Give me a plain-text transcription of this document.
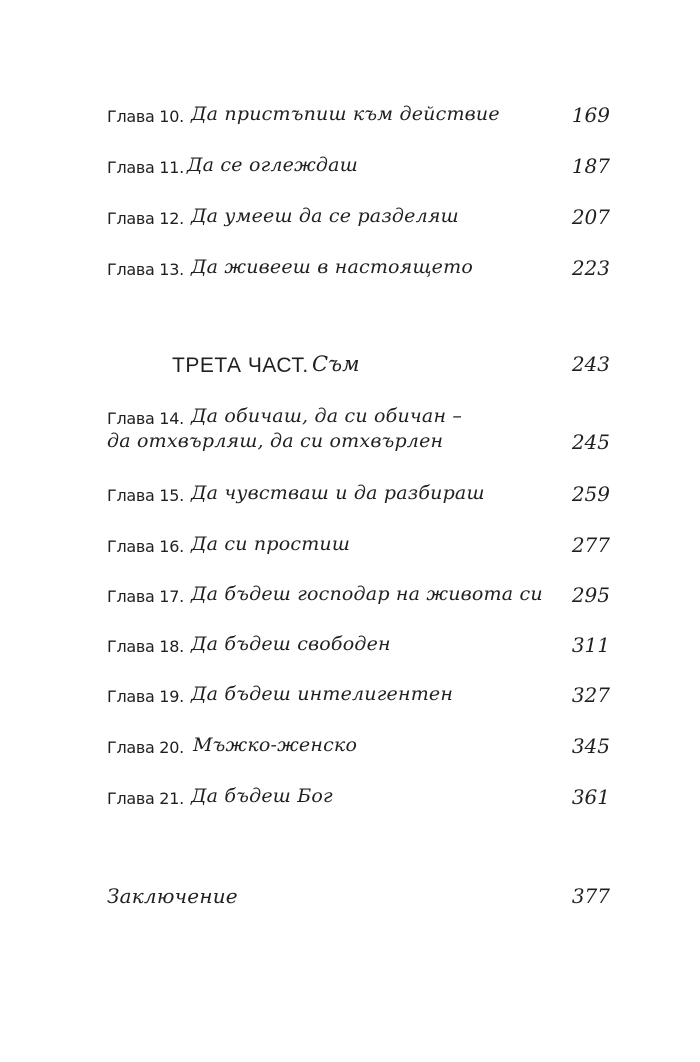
Глава 10. Да пристъпиш към действие	169
Глава 11. Да се оглеждаш	187
Глава 12. Да умееш да се разделяш	207
Глава 13. Да живееш в настоящето	223
ТРЕТА ЧАСТ. Съм	243
Глава 14. Да обичаш, да си обичан –
да отхвърляш, да си отхвърлен	245
Глава 15. Да чувстваш и да разбираш	259
Глава 16. Да си простиш	277
Глава 17. Да бъдеш господар на живота си 295
Глава 18. Да бъдеш свободен	311
Глава 19. Да бъдеш интелигентен	327
Глава 20. Мъжко-женско	345
Глава 21. Да бъдеш Бог	361
Заключение	377
